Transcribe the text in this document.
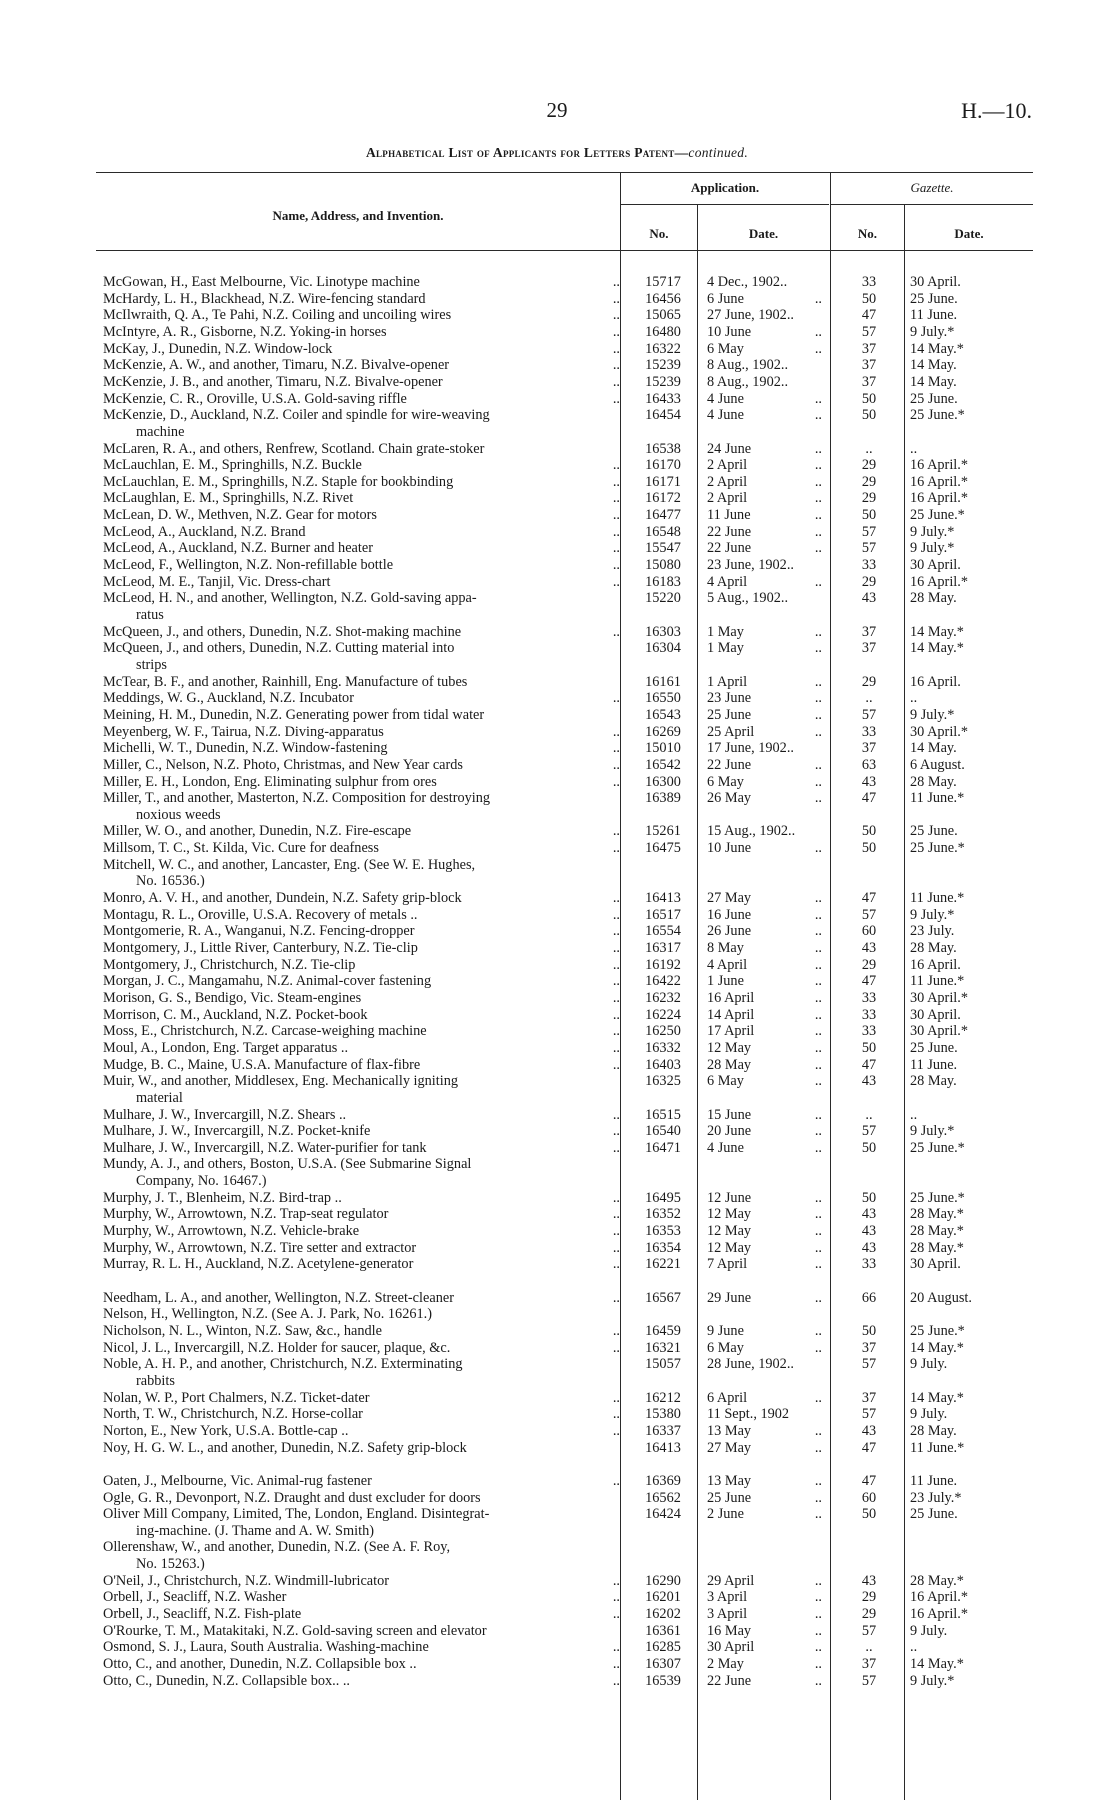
29	H.—10.
Alphabetical List of Applicants for Letters Patent—continued.
Name, Address, and Invention.
Application.	Gazette.
No.	Date.	No.	Date.
McGowan, H., East Melbourne, Vic. Linotype machine	..	15717	4 Dec., 1902..	33	30 April.
McHardy, L. H., Blackhead, N.Z. Wire-fencing standard	..	16456	6 June	..	50	25 June.
McIlwraith, Q. A., Te Pahi, N.Z. Coiling and uncoiling wires	..	15065	27 June, 1902..	47	11 June.
McIntyre, A. R., Gisborne, N.Z. Yoking-in horses	..	16480	10 June	..	57	9 July.*
McKay, J., Dunedin, N.Z. Window-lock	..	16322	6 May	..	37	14 May.*
McKenzie, A. W., and another, Timaru, N.Z. Bivalve-opener	..	15239	8 Aug., 1902..	37	14 May.
McKenzie, J. B., and another, Timaru, N.Z. Bivalve-opener	..	15239	8 Aug., 1902..	37	14 May.
McKenzie, C. R., Oroville, U.S.A. Gold-saving riffle	..	16433	4 June	..	50	25 June.
McKenzie, D., Auckland, N.Z. Coiler and spindle for wire-weaving	16454	4 June	..	50	25 June.*
machine
McLaren, R. A., and others, Renfrew, Scotland. Chain grate-stoker	16538	24 June	..	..	..
McLauchlan, E. M., Springhills, N.Z. Buckle	..	16170	2 April	..	29	16 April.*
McLauchlan, E. M., Springhills, N.Z. Staple for bookbinding	..	16171	2 April	..	29	16 April.*
McLaughlan, E. M., Springhills, N.Z. Rivet	..	16172	2 April	..	29	16 April.*
McLean, D. W., Methven, N.Z. Gear for motors	..	16477	11 June	..	50	25 June.*
McLeod, A., Auckland, N.Z. Brand	..	16548	22 June	..	57	9 July.*
McLeod, A., Auckland, N.Z. Burner and heater	..	15547	22 June	..	57	9 July.*
McLeod, F., Wellington, N.Z. Non-refillable bottle	..	15080	23 June, 1902..	33	30 April.
McLeod, M. E., Tanjil, Vic. Dress-chart	..	16183	4 April	..	29	16 April.*
McLeod, H. N., and another, Wellington, N.Z. Gold-saving appa-	15220	5 Aug., 1902..	43	28 May.
ratus
McQueen, J., and others, Dunedin, N.Z. Shot-making machine	..	16303	1 May	..	37	14 May.*
McQueen, J., and others, Dunedin, N.Z. Cutting material into	16304	1 May	..	37	14 May.*
strips
McTear, B. F., and another, Rainhill, Eng. Manufacture of tubes	16161	1 April	..	29	16 April.
Meddings, W. G., Auckland, N.Z. Incubator	..	16550	23 June	..	..	..
Meining, H. M., Dunedin, N.Z. Generating power from tidal water	16543	25 June	..	57	9 July.*
Meyenberg, W. F., Tairua, N.Z. Diving-apparatus	..	16269	25 April	..	33	30 April.*
Michelli, W. T., Dunedin, N.Z. Window-fastening	..	15010	17 June, 1902..	37	14 May.
Miller, C., Nelson, N.Z. Photo, Christmas, and New Year cards	..	16542	22 June	..	63	6 August.
Miller, E. H., London, Eng. Eliminating sulphur from ores	..	16300	6 May	..	43	28 May.
Miller, T., and another, Masterton, N.Z. Composition for destroying	16389	26 May	..	47	11 June.*
noxious weeds
Miller, W. O., and another, Dunedin, N.Z. Fire-escape	..	15261	15 Aug., 1902..	50	25 June.
Millsom, T. C., St. Kilda, Vic. Cure for deafness	..	16475	10 June	..	50	25 June.*
Mitchell, W. C., and another, Lancaster, Eng. (See W. E. Hughes,
No. 16536.)
Monro, A. V. H., and another, Dundein, N.Z. Safety grip-block	..	16413	27 May	..	47	11 June.*
Montagu, R. L., Oroville, U.S.A. Recovery of metals ..	..	16517	16 June	..	57	9 July.*
Montgomerie, R. A., Wanganui, N.Z. Fencing-dropper	..	16554	26 June	..	60	23 July.
Montgomery, J., Little River, Canterbury, N.Z. Tie-clip	..	16317	8 May	..	43	28 May.
Montgomery, J., Christchurch, N.Z. Tie-clip	..	16192	4 April	..	29	16 April.
Morgan, J. C., Mangamahu, N.Z. Animal-cover fastening	..	16422	1 June	..	47	11 June.*
Morison, G. S., Bendigo, Vic. Steam-engines	..	16232	16 April	..	33	30 April.*
Morrison, C. M., Auckland, N.Z. Pocket-book	..	16224	14 April	..	33	30 April.
Moss, E., Christchurch, N.Z. Carcase-weighing machine	..	16250	17 April	..	33	30 April.*
Moul, A., London, Eng. Target apparatus ..	..	16332	12 May	..	50	25 June.
Mudge, B. C., Maine, U.S.A. Manufacture of flax-fibre	..	16403	28 May	..	47	11 June.
Muir, W., and another, Middlesex, Eng. Mechanically igniting	16325	6 May	..	43	28 May.
material
Mulhare, J. W., Invercargill, N.Z. Shears ..	..	16515	15 June	..	..	..
Mulhare, J. W., Invercargill, N.Z. Pocket-knife	..	16540	20 June	..	57	9 July.*
Mulhare, J. W., Invercargill, N.Z. Water-purifier for tank	..	16471	4 June	..	50	25 June.*
Mundy, A. J., and others, Boston, U.S.A. (See Submarine Signal
Company, No. 16467.)
Murphy, J. T., Blenheim, N.Z. Bird-trap ..	..	16495	12 June	..	50	25 June.*
Murphy, W., Arrowtown, N.Z. Trap-seat regulator	..	16352	12 May	..	43	28 May.*
Murphy, W., Arrowtown, N.Z. Vehicle-brake	..	16353	12 May	..	43	28 May.*
Murphy, W., Arrowtown, N.Z. Tire setter and extractor	..	16354	12 May	..	43	28 May.*
Murray, R. L. H., Auckland, N.Z. Acetylene-generator	..	16221	7 April	..	33	30 April.
Needham, L. A., and another, Wellington, N.Z. Street-cleaner	..	16567	29 June	..	66	20 August.
Nelson, H., Wellington, N.Z. (See A. J. Park, No. 16261.)
Nicholson, N. L., Winton, N.Z. Saw, &c., handle	..	16459	9 June	..	50	25 June.*
Nicol, J. L., Invercargill, N.Z. Holder for saucer, plaque, &c.	..	16321	6 May	..	37	14 May.*
Noble, A. H. P., and another, Christchurch, N.Z. Exterminating	15057	28 June, 1902..	57	9 July.
rabbits
Nolan, W. P., Port Chalmers, N.Z. Ticket-dater	..	16212	6 April	..	37	14 May.*
North, T. W., Christchurch, N.Z. Horse-collar	..	15380	11 Sept., 1902	57	9 July.
Norton, E., New York, U.S.A. Bottle-cap ..	..	16337	13 May	..	43	28 May.
Noy, H. G. W. L., and another, Dunedin, N.Z. Safety grip-block	16413	27 May	..	47	11 June.*
Oaten, J., Melbourne, Vic. Animal-rug fastener	..	16369	13 May	..	47	11 June.
Ogle, G. R., Devonport, N.Z. Draught and dust excluder for doors	16562	25 June	..	60	23 July.*
Oliver Mill Company, Limited, The, London, England. Disintegrat-	16424	2 June	..	50	25 June.
ing-machine. (J. Thame and A. W. Smith)
Ollerenshaw, W., and another, Dunedin, N.Z. (See A. F. Roy,
No. 15263.)
O'Neil, J., Christchurch, N.Z. Windmill-lubricator	..	16290	29 April	..	43	28 May.*
Orbell, J., Seacliff, N.Z. Washer	..	16201	3 April	..	29	16 April.*
Orbell, J., Seacliff, N.Z. Fish-plate	..	16202	3 April	..	29	16 April.*
O'Rourke, T. M., Matakitaki, N.Z. Gold-saving screen and elevator	16361	16 May	..	57	9 July.
Osmond, S. J., Laura, South Australia. Washing-machine	..	16285	30 April	..	..	..
Otto, C., and another, Dunedin, N.Z. Collapsible box ..	..	16307	2 May	..	37	14 May.*
Otto, C., Dunedin, N.Z. Collapsible box.. ..	..	16539	22 June	..	57	9 July.*
